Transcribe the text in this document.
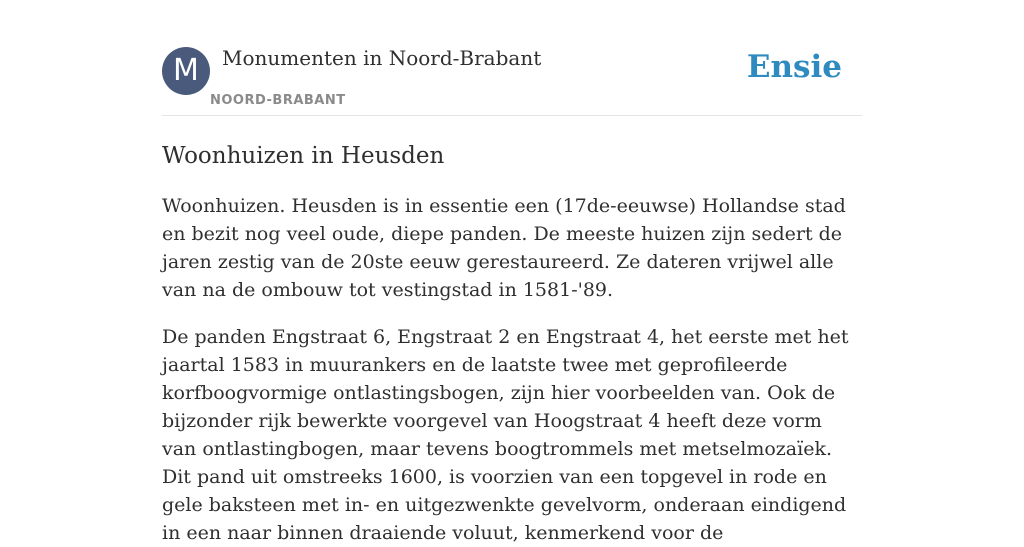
M	Monumenten in Noord-Brabant
NOORD-BRABANT
Ensie
Woonhuizen in Heusden

Woonhuizen. Heusden is in essentie een (17de-eeuwse) Hollandse stad en bezit nog veel oude, diepe panden. De meeste huizen zijn sedert de jaren zestig van de 20ste eeuw gerestaureerd. Ze dateren vrijwel alle van na de ombouw tot vestingstad in 1581-'89.

De panden Engstraat 6, Engstraat 2 en Engstraat 4, het eerste met het jaartal 1583 in muurankers en de laatste twee met geprofileerde korfboogvormige ontlastingsbogen, zijn hier voorbeelden van. Ook de bijzonder rijk bewerkte voorgevel van Hoogstraat 4 heeft deze vorm van ontlastingbogen, maar tevens boogtrommels met metselmozaïek. Dit pand uit omstreeks 1600, is voorzien van een topgevel in rode en gele baksteen met in- en uitgezwenkte gevelvorm, onderaan eindigend in een naar binnen draaiende voluut, kenmerkend voor de
